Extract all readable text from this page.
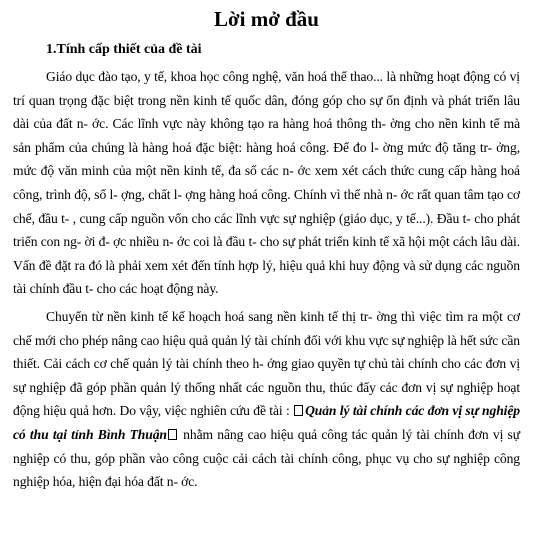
Lời mở đầu
1.Tính cấp thiết của đề tài

Giáo dục đào tạo, y tế, khoa học công nghệ, văn hoá thể thao... là những hoạt động có vị trí quan trọng đặc biệt trong nền kinh tế quốc dân, đóng góp cho sự ổn định và phát triển lâu dài của đất n- ớc. Các lĩnh vực này không tạo ra hàng hoá thông th- ờng cho nền kinh tế mà sản phẩm của chúng là hàng hoá đặc biệt: hàng hoá công. Để đo l- ờng mức độ tăng tr- ởng, mức độ văn minh của một nền kinh tế, đa số các n- ớc xem xét cách thức cung cấp hàng hoá công, trình độ, số l- ợng, chất l- ợng hàng hoá công. Chính vì thế nhà n- ớc rất quan tâm tạo cơ chế, đầu t- , cung cấp nguồn vốn cho các lĩnh vực sự nghiệp (giáo dục, y tế...). Đầu t- cho phát triển con ng- ời đ- ợc nhiều n- ớc coi là đầu t- cho sự phát triển kinh tế xã hội một cách lâu dài. Vấn đề đặt ra đó là phải xem xét đến tính hợp lý, hiệu quả khi huy động và sử dụng các nguồn tài chính đầu t- cho các hoạt động này.

Chuyển từ nền kinh tế kế hoạch hoá sang nền kinh tế thị tr- ờng thì việc tìm ra một cơ chế mới cho phép nâng cao hiệu quả quản lý tài chính đối với khu vực sự nghiệp là hết sức cần thiết. Cải cách cơ chế quản lý tài chính theo h- ớng giao quyền tự chủ tài chính cho các đơn vị sự nghiệp đã góp phần quản lý thống nhất các nguồn thu, thúc đẩy các đơn vị sự nghiệp hoạt động hiệu quả hơn. Do vậy, việc nghiên cứu đề tài : Quản lý tài chính các đơn vị sự nghiệp có thu tại tỉnh Bình Thuận nhằm nâng cao hiệu quả công tác quản lý tài chính đơn vị sự nghiệp có thu, góp phần vào công cuộc cải cách tài chính công, phục vụ cho sự nghiệp công nghiệp hóa, hiện đại hóa đất n- ớc.
